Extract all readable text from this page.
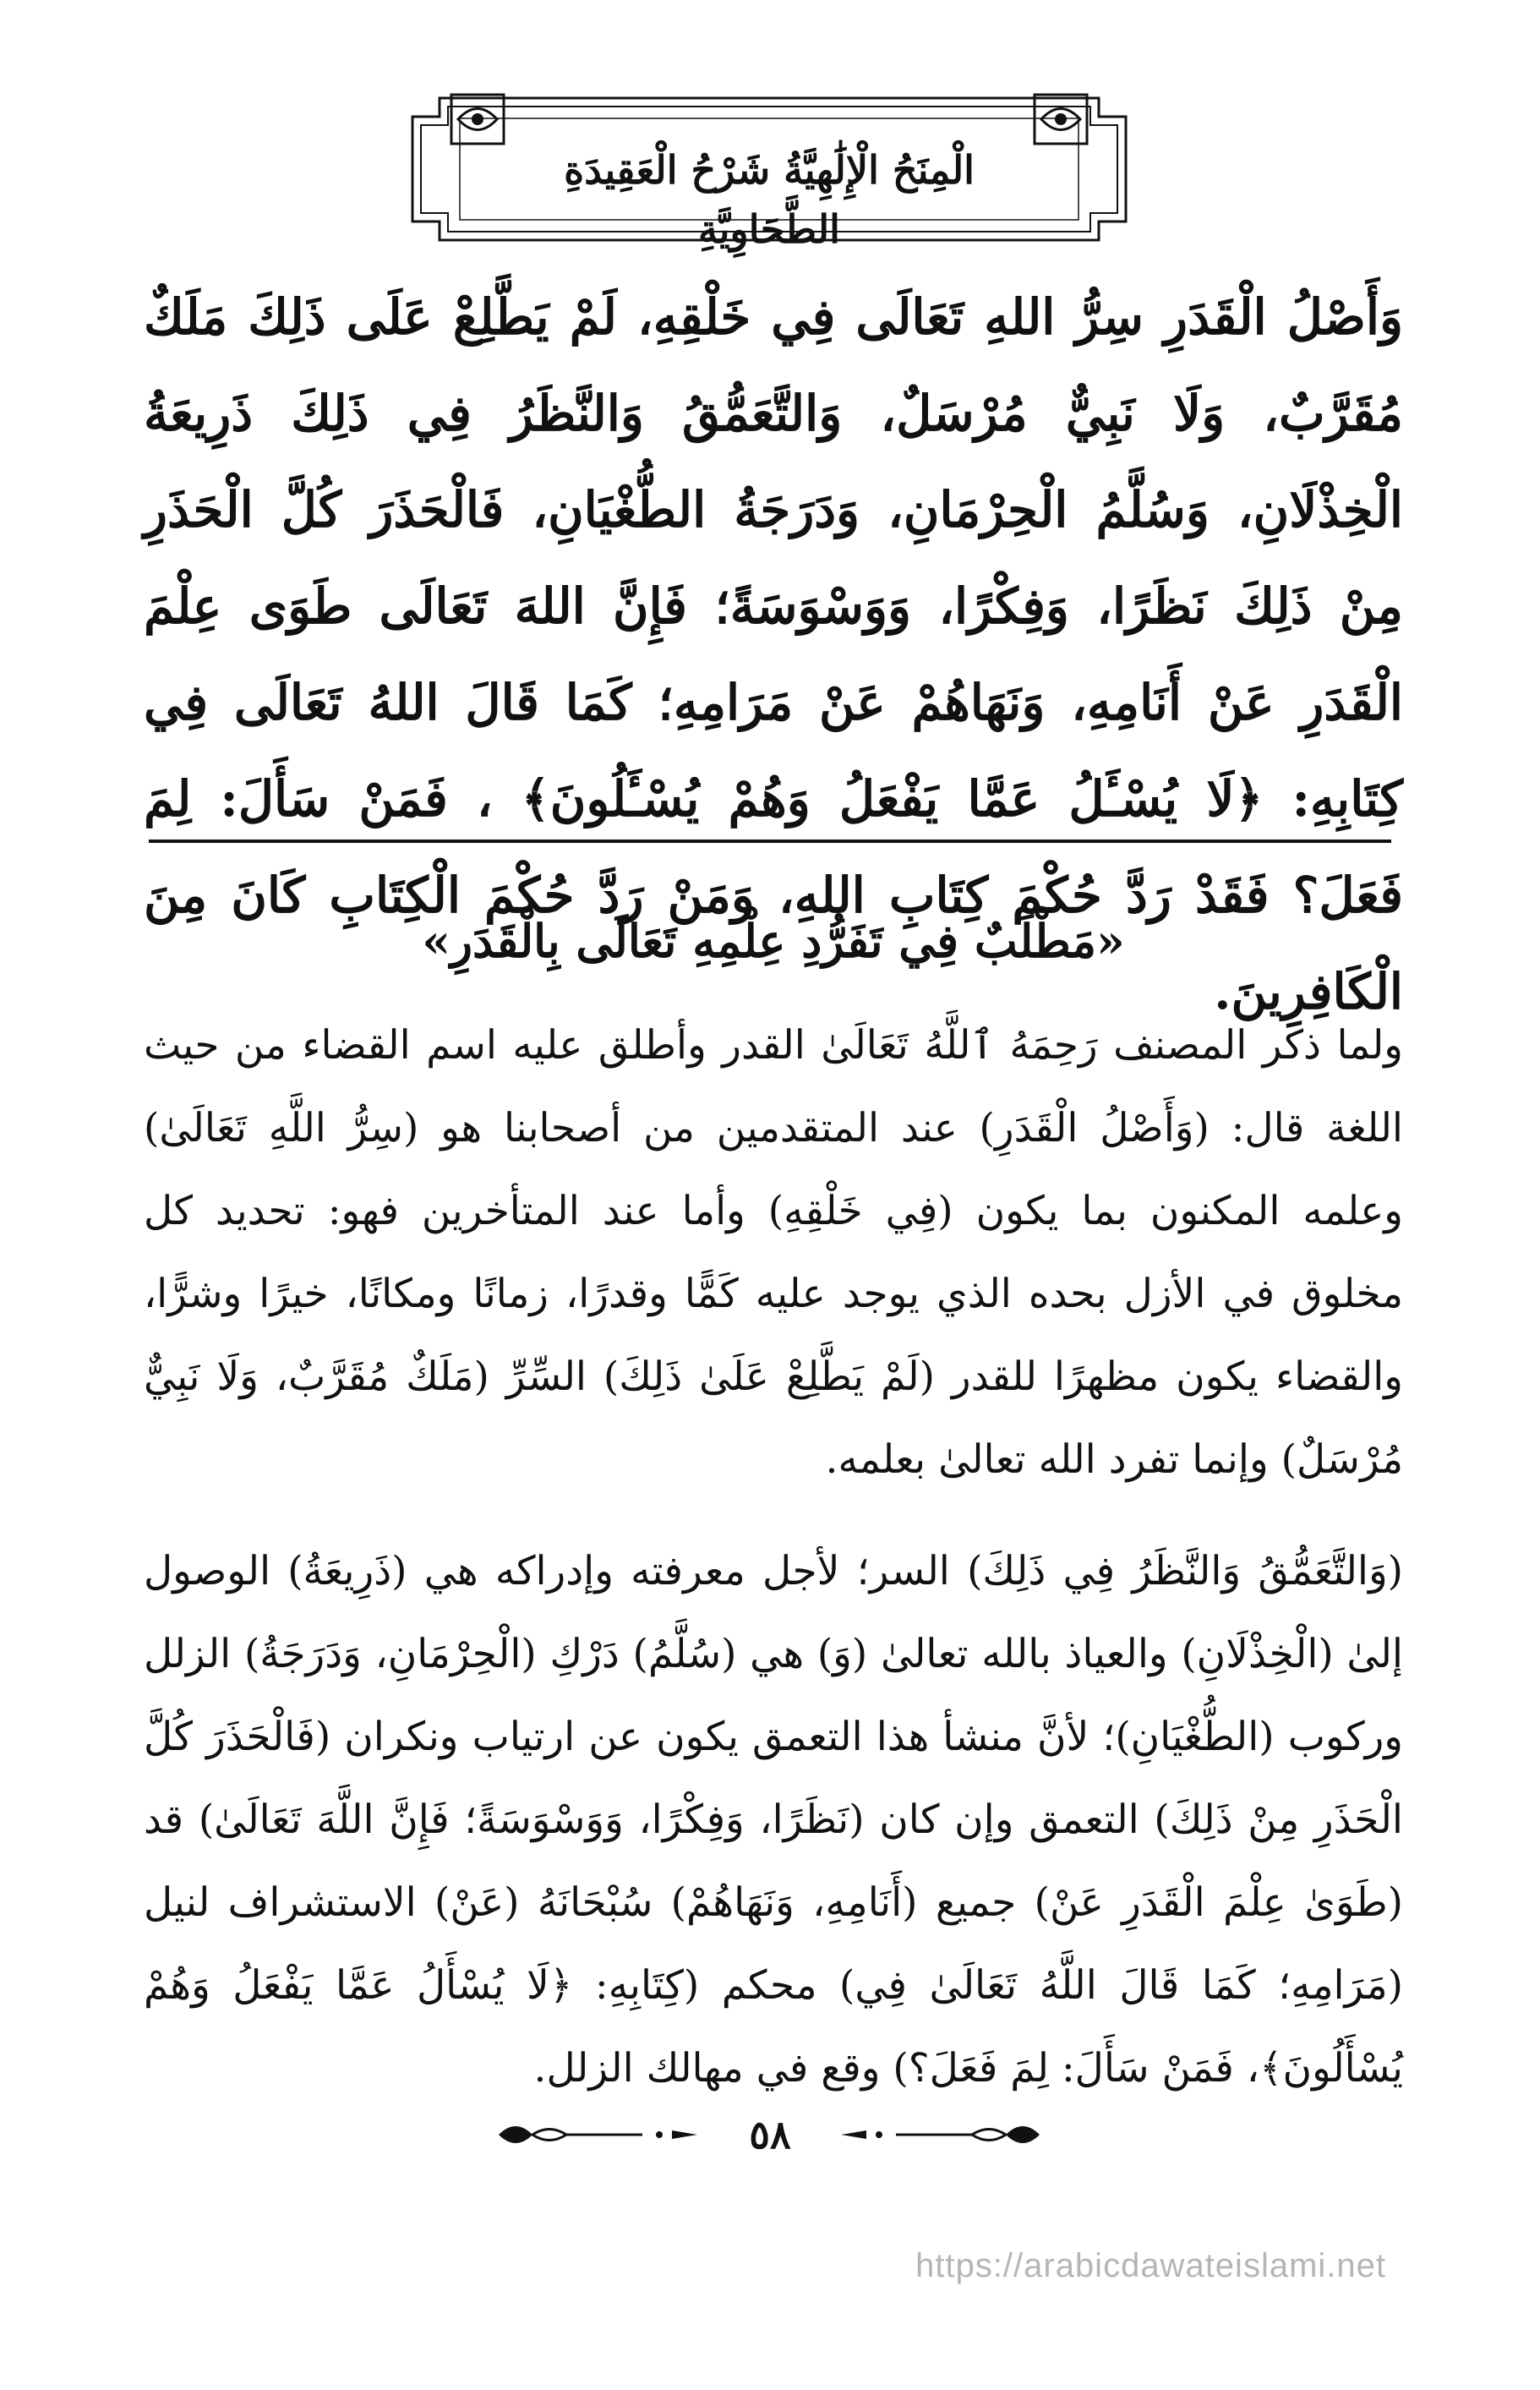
الْمِنَحُ الْإِلَٰهِيَّةُ شَرْحُ الْعَقِيدَةِ الطَّحَاوِيَّةِ

وَأَصْلُ الْقَدَرِ سِرُّ اللهِ تَعَالَى فِي خَلْقِهِ، لَمْ يَطَّلِعْ عَلَى ذَلِكَ مَلَكٌ مُقَرَّبٌ، وَلَا نَبِيٌّ مُرْسَلٌ، وَالتَّعَمُّقُ وَالنَّظَرُ فِي ذَلِكَ ذَرِيعَةُ الْخِذْلَانِ، وَسُلَّمُ الْحِرْمَانِ، وَدَرَجَةُ الطُّغْيَانِ، فَالْحَذَرَ كُلَّ الْحَذَرِ مِنْ ذَلِكَ نَظَرًا، وَفِكْرًا، وَوَسْوَسَةً؛ فَإِنَّ اللهَ تَعَالَى طَوَى عِلْمَ الْقَدَرِ عَنْ أَنَامِهِ، وَنَهَاهُمْ عَنْ مَرَامِهِ؛ كَمَا قَالَ اللهُ تَعَالَى فِي كِتَابِهِ: ﴿لَا يُسْـَٔلُ عَمَّا يَفْعَلُ وَهُمْ يُسْـَٔلُونَ﴾ ، فَمَنْ سَأَلَ: لِمَ فَعَلَ؟ فَقَدْ رَدَّ حُكْمَ كِتَابِ اللهِ، وَمَنْ رَدَّ حُكْمَ الْكِتَابِ كَانَ مِنَ الْكَافِرِينَ.

«مَطْلَبٌ فِي تَفَرُّدِ عِلْمِهِ تَعَالَى بِالْقَدَرِ»

ولما ذكر المصنف رَحِمَهُ ٱللَّهُ تَعَالَىٰ القدر وأطلق عليه اسم القضاء من حيث اللغة قال: (وَأَصْلُ الْقَدَرِ) عند المتقدمين من أصحابنا هو (سِرُّ اللَّهِ تَعَالَىٰ) وعلمه المكنون بما يكون (فِي خَلْقِهِ) وأما عند المتأخرين فهو: تحديد كل مخلوق في الأزل بحده الذي يوجد عليه كَمًّا وقدرًا، زمانًا ومكانًا، خيرًا وشرًّا، والقضاء يكون مظهرًا للقدر (لَمْ يَطَّلِعْ عَلَىٰ ذَلِكَ) السِّرِّ (مَلَكٌ مُقَرَّبٌ، وَلَا نَبِيٌّ مُرْسَلٌ) وإنما تفرد الله تعالىٰ بعلمه.

(وَالتَّعَمُّقُ وَالنَّظَرُ فِي ذَلِكَ) السر؛ لأجل معرفته وإدراكه هي (ذَرِيعَةُ) الوصول إلىٰ (الْخِذْلَانِ) والعياذ بالله تعالىٰ (وَ) هي (سُلَّمُ) دَرْكِ (الْحِرْمَانِ، وَدَرَجَةُ) الزلل وركوب (الطُّغْيَانِ)؛ لأنَّ منشأ هذا التعمق يكون عن ارتياب ونكران (فَالْحَذَرَ كُلَّ الْحَذَرِ مِنْ ذَلِكَ) التعمق وإن كان (نَظَرًا، وَفِكْرًا، وَوَسْوَسَةً؛ فَإِنَّ اللَّهَ تَعَالَىٰ) قد (طَوَىٰ عِلْمَ الْقَدَرِ عَنْ) جميع (أَنَامِهِ، وَنَهَاهُمْ) سُبْحَانَهُ (عَنْ) الاستشراف لنيل (مَرَامِهِ؛ كَمَا قَالَ اللَّهُ تَعَالَىٰ فِي) محكم (كِتَابِهِ: ﴿لَا يُسْأَلُ عَمَّا يَفْعَلُ وَهُمْ يُسْأَلُونَ﴾، فَمَنْ سَأَلَ: لِمَ فَعَلَ؟) وقع في مهالك الزلل.

٥٨
https://arabicdawateislami.net
